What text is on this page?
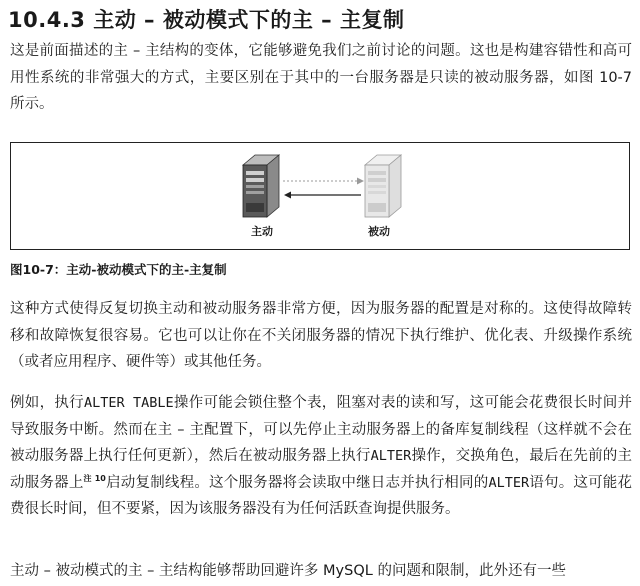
10.4.3 主动 – 被动模式下的主 – 主复制

这是前面描述的主 – 主结构的变体，它能够避免我们之前讨论的问题。这也是构建容错性和高可用性系统的非常强大的方式，主要区别在于其中的一台服务器是只读的被动服务器，如图 10-7 所示。

主动	被动
图10-7：主动-被动模式下的主-主复制

这种方式使得反复切换主动和被动服务器非常方便，因为服务器的配置是对称的。这使得故障转移和故障恢复很容易。它也可以让你在不关闭服务器的情况下执行维护、优化表、升级操作系统（或者应用程序、硬件等）或其他任务。

例如，执行ALTER TABLE操作可能会锁住整个表，阻塞对表的读和写，这可能会花费很长时间并导致服务中断。然而在主 – 主配置下，可以先停止主动服务器上的备库复制线程（这样就不会在被动服务器上执行任何更新），然后在被动服务器上执行ALTER操作，交换角色，最后在先前的主动服务器上$^{注 10}$启动复制线程。这个服务器将会读取中继日志并执行相同的ALTER语句。这可能花费很长时间，但不要紧，因为该服务器没有为任何活跃查询提供服务。

主动 – 被动模式的主 – 主结构能够帮助回避许多 MySQL 的问题和限制，此外还有一些
